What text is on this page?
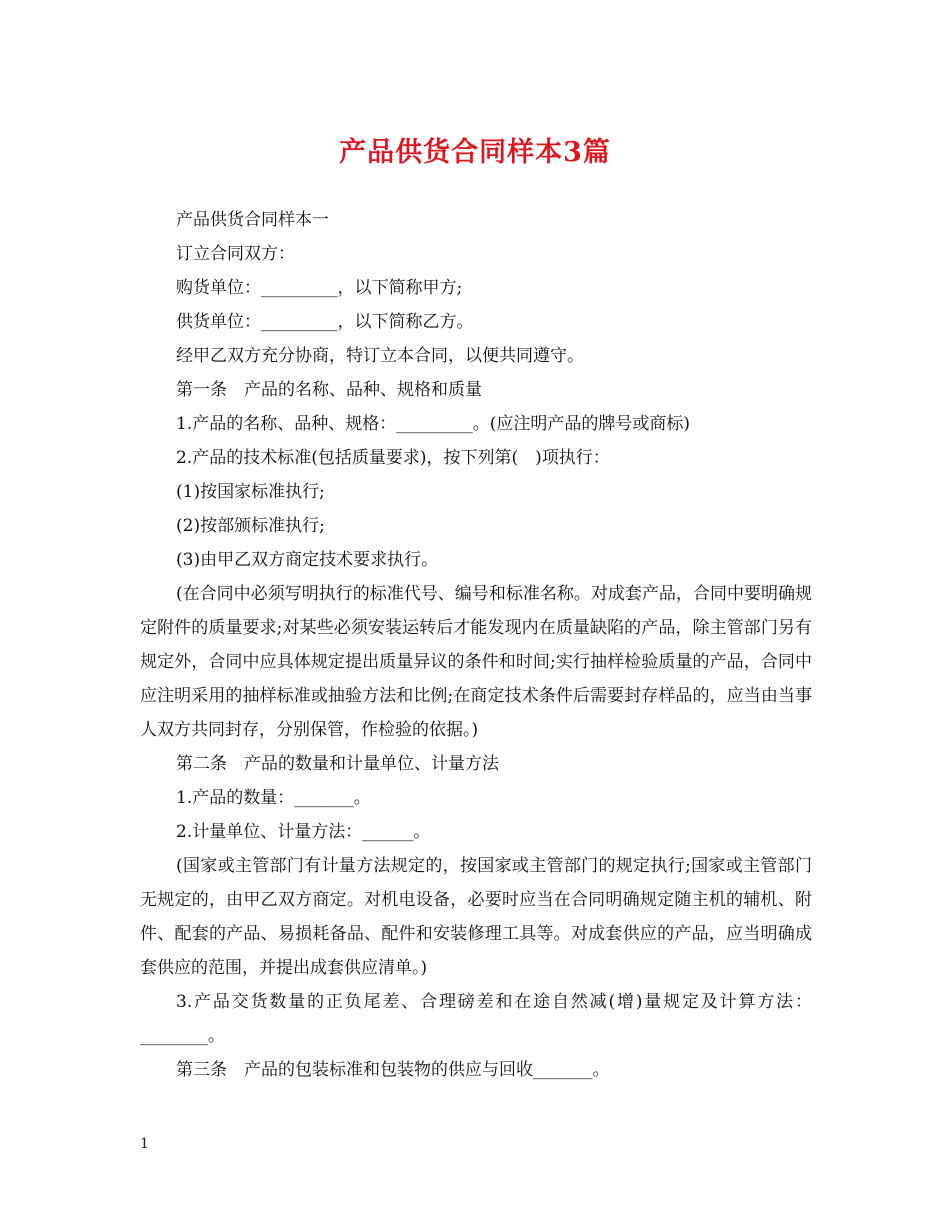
产品供货合同样本3篇

产品供货合同样本一

订立合同双方：

购货单位：_________，以下简称甲方;

供货单位：_________，以下简称乙方。

经甲乙双方充分协商，特订立本合同，以便共同遵守。

第一条　产品的名称、品种、规格和质量

1.产品的名称、品种、规格：_________。(应注明产品的牌号或商标)

2.产品的技术标准(包括质量要求)，按下列第(　)项执行：

(1)按国家标准执行;

(2)按部颁标准执行;

(3)由甲乙双方商定技术要求执行。

(在合同中必须写明执行的标准代号、编号和标准名称。对成套产品，合同中要明确规定附件的质量要求;对某些必须安装运转后才能发现内在质量缺陷的产品，除主管部门另有规定外，合同中应具体规定提出质量异议的条件和时间;实行抽样检验质量的产品，合同中应注明采用的抽样标准或抽验方法和比例;在商定技术条件后需要封存样品的，应当由当事人双方共同封存，分别保管，作检验的依据。)

第二条　产品的数量和计量单位、计量方法

1.产品的数量：_______。

2.计量单位、计量方法：______。

(国家或主管部门有计量方法规定的，按国家或主管部门的规定执行;国家或主管部门无规定的，由甲乙双方商定。对机电设备，必要时应当在合同明确规定随主机的辅机、附件、配套的产品、易损耗备品、配件和安装修理工具等。对成套供应的产品，应当明确成套供应的范围，并提出成套供应清单。)

3.产品交货数量的正负尾差、合理磅差和在途自然减(增)量规定及计算方法：________。

第三条　产品的包装标准和包装物的供应与回收_______。

1
